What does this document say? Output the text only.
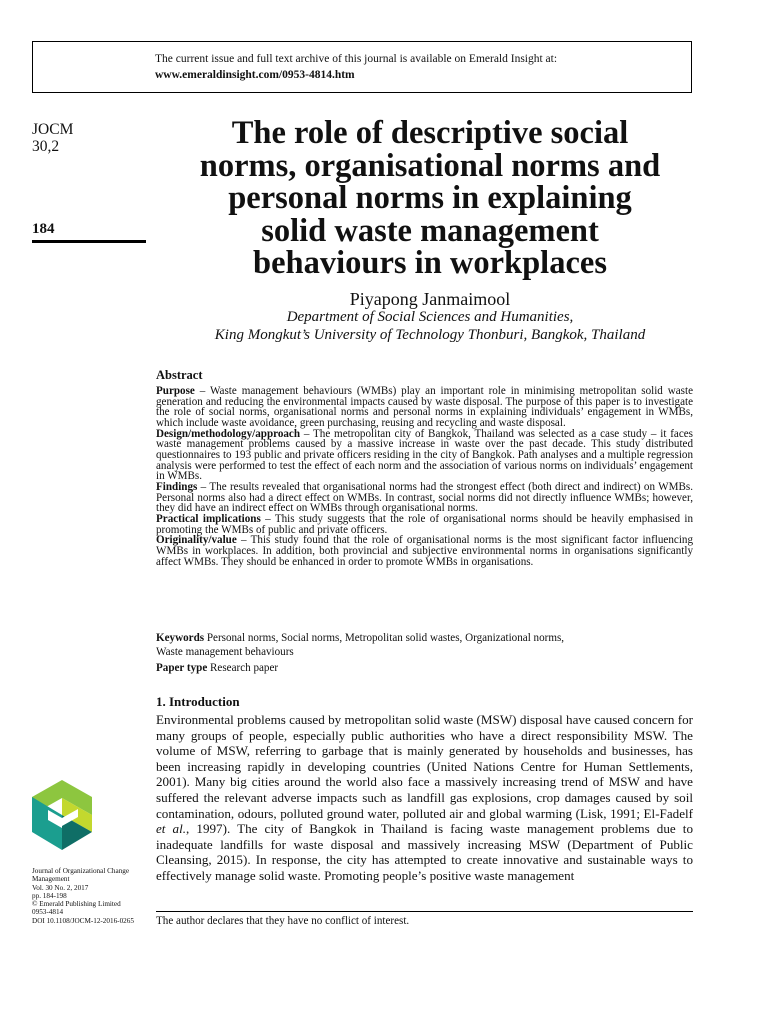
The current issue and full text archive of this journal is available on Emerald Insight at:
www.emeraldinsight.com/0953-4814.htm
JOCM
30,2
184
The role of descriptive social
norms, organisational norms and
personal norms in explaining
solid waste management
behaviours in workplaces
Piyapong Janmaimool
Department of Social Sciences and Humanities,
King Mongkut’s University of Technology Thonburi, Bangkok, Thailand
Abstract

Purpose – Waste management behaviours (WMBs) play an important role in minimising metropolitan solid waste generation and reducing the environmental impacts caused by waste disposal. The purpose of this paper is to investigate the role of social norms, organisational norms and personal norms in explaining individuals’ engagement in WMBs, which include waste avoidance, green purchasing, reusing and recycling and waste disposal.

Design/methodology/approach – The metropolitan city of Bangkok, Thailand was selected as a case study – it faces waste management problems caused by a massive increase in waste over the past decade. This study distributed questionnaires to 193 public and private officers residing in the city of Bangkok. Path analyses and a multiple regression analysis were performed to test the effect of each norm and the association of various norms on individuals’ engagement in WMBs.

Findings – The results revealed that organisational norms had the strongest effect (both direct and indirect) on WMBs. Personal norms also had a direct effect on WMBs. In contrast, social norms did not directly influence WMBs; however, they did have an indirect effect on WMBs through organisational norms.

Practical implications – This study suggests that the role of organisational norms should be heavily emphasised in promoting the WMBs of public and private officers.

Originality/value – This study found that the role of organisational norms is the most significant factor influencing WMBs in workplaces. In addition, both provincial and subjective environmental norms in organisations significantly affect WMBs. They should be enhanced in order to promote WMBs in organisations.

Keywords Personal norms, Social norms, Metropolitan solid wastes, Organizational norms,

Waste management behaviours

Paper type Research paper
1. Introduction
Environmental problems caused by metropolitan solid waste (MSW) disposal have caused concern for many groups of people, especially public authorities who have a direct responsibility MSW. The volume of MSW, referring to garbage that is mainly generated by households and businesses, has been increasing rapidly in developing countries (United Nations Centre for Human Settlements, 2001). Many big cities around the world also face a massively increasing trend of MSW and have suffered the relevant adverse impacts such as landfill gas explosions, crop damages caused by soil contamination, odours, polluted ground water, polluted air and global warming (Lisk, 1991; El-Fadelf et al., 1997). The city of Bangkok in Thailand is facing waste management problems due to inadequate landfills for waste disposal and massively increasing MSW (Department of Public Cleansing, 2015). In response, the city has attempted to create innovative and sustainable ways to effectively manage solid waste. Promoting people’s positive waste management
The author declares that they have no conflict of interest.
Journal of Organizational Change
Management
Vol. 30 No. 2, 2017
pp. 184-198
© Emerald Publishing Limited
0953-4814
DOI 10.1108/JOCM-12-2016-0265
